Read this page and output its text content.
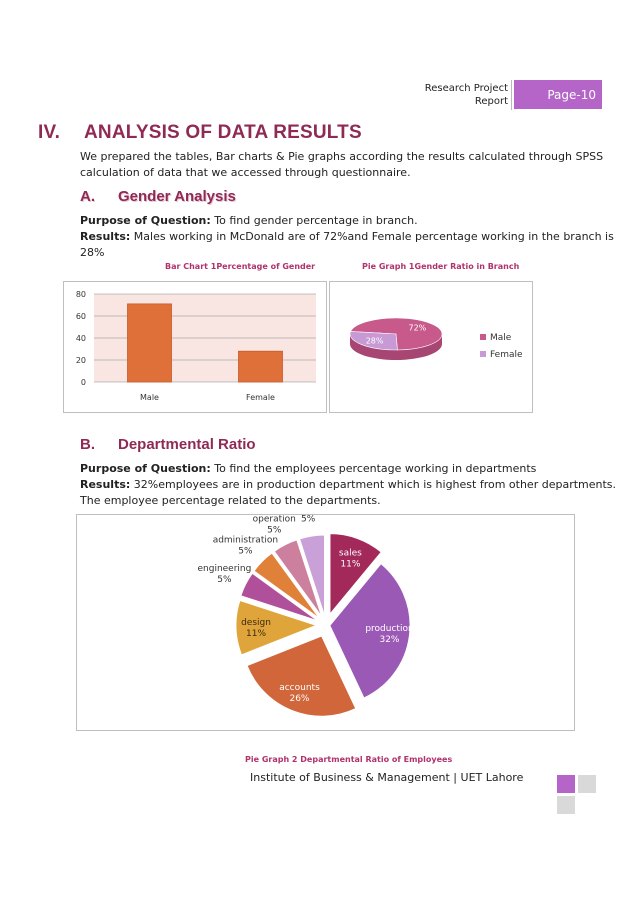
Research Project
Report	Page-10
IV. ANALYSIS OF DATA RESULTS
We prepared the tables, Bar charts & Pie graphs according the results calculated through SPSS
calculation of data that we accessed through questionnaire.
A. Gender Analysis
Purpose of Question: To find gender percentage in branch.
Results: Males working in McDonald are of 72%and Female percentage working in the branch is
28%
Bar Chart 1Percentage of Gender	Pie Graph 1Gender Ratio in Branch
0
20
40
60
80
Male	Female
72%
28%	Male
Female
B. Departmental Ratio
Purpose of Question: To find the employees percentage working in departments
Results: 32%employees are in production department which is highest from other departments.
The employee percentage related to the departments.
sales
11%
production
32%
accounts
26%
design
11%
engineering
5%
administration
5%
operation
5%
5%
Pie Graph 2 Departmental Ratio of Employees
Institute of Business & Management | UET Lahore
